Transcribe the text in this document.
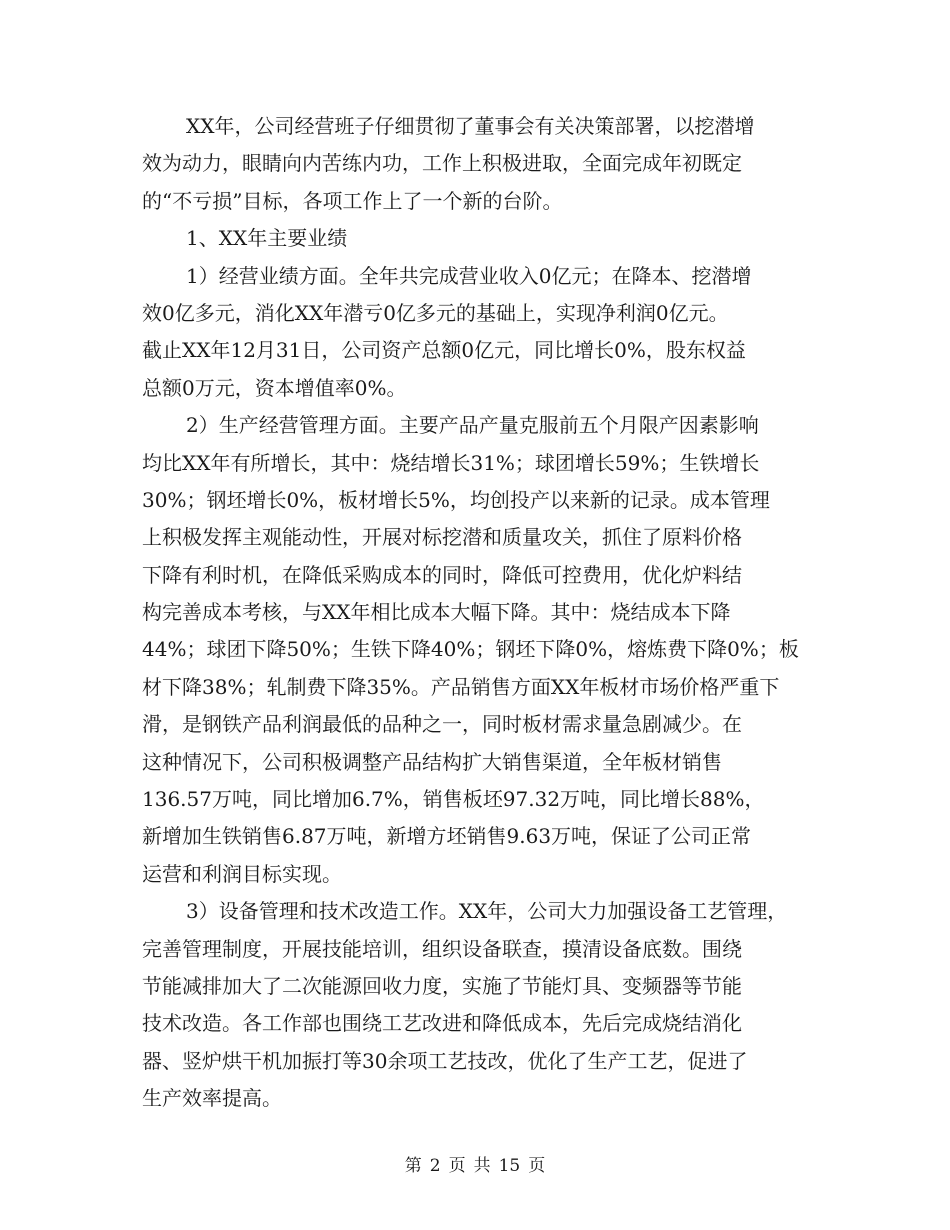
XX年，公司经营班子仔细贯彻了董事会有关决策部署，以挖潜增
效为动力，眼睛向内苦练内功，工作上积极进取，全面完成年初既定
的“不亏损”目标，各项工作上了一个新的台阶。
1、XX年主要业绩
1）经营业绩方面。全年共完成营业收入0亿元；在降本、挖潜增
效0亿多元，消化XX年潜亏0亿多元的基础上，实现净利润0亿元。
截止XX年12月31日，公司资产总额0亿元，同比增长0%，股东权益
总额0万元，资本增值率0%。
2）生产经营管理方面。主要产品产量克服前五个月限产因素影响
均比XX年有所增长，其中：烧结增长31%；球团增长59%；生铁增长
30%；钢坯增长0%，板材增长5%，均创投产以来新的记录。成本管理
上积极发挥主观能动性，开展对标挖潜和质量攻关，抓住了原料价格
下降有利时机，在降低采购成本的同时，降低可控费用，优化炉料结
构完善成本考核，与XX年相比成本大幅下降。其中：烧结成本下降
44%；球团下降50%；生铁下降40%；钢坯下降0%，熔炼费下降0%；板
材下降38%；轧制费下降35%。产品销售方面XX年板材市场价格严重下
滑，是钢铁产品利润最低的品种之一，同时板材需求量急剧减少。在
这种情况下，公司积极调整产品结构扩大销售渠道，全年板材销售
136.57万吨，同比增加6.7%，销售板坯97.32万吨，同比增长88%，
新增加生铁销售6.87万吨，新增方坯销售9.63万吨，保证了公司正常
运营和利润目标实现。
3）设备管理和技术改造工作。XX年，公司大力加强设备工艺管理，
完善管理制度，开展技能培训，组织设备联查，摸清设备底数。围绕
节能减排加大了二次能源回收力度，实施了节能灯具、变频器等节能
技术改造。各工作部也围绕工艺改进和降低成本，先后完成烧结消化
器、竖炉烘干机加振打等30余项工艺技改，优化了生产工艺，促进了
生产效率提高。
第 2 页 共 15 页
